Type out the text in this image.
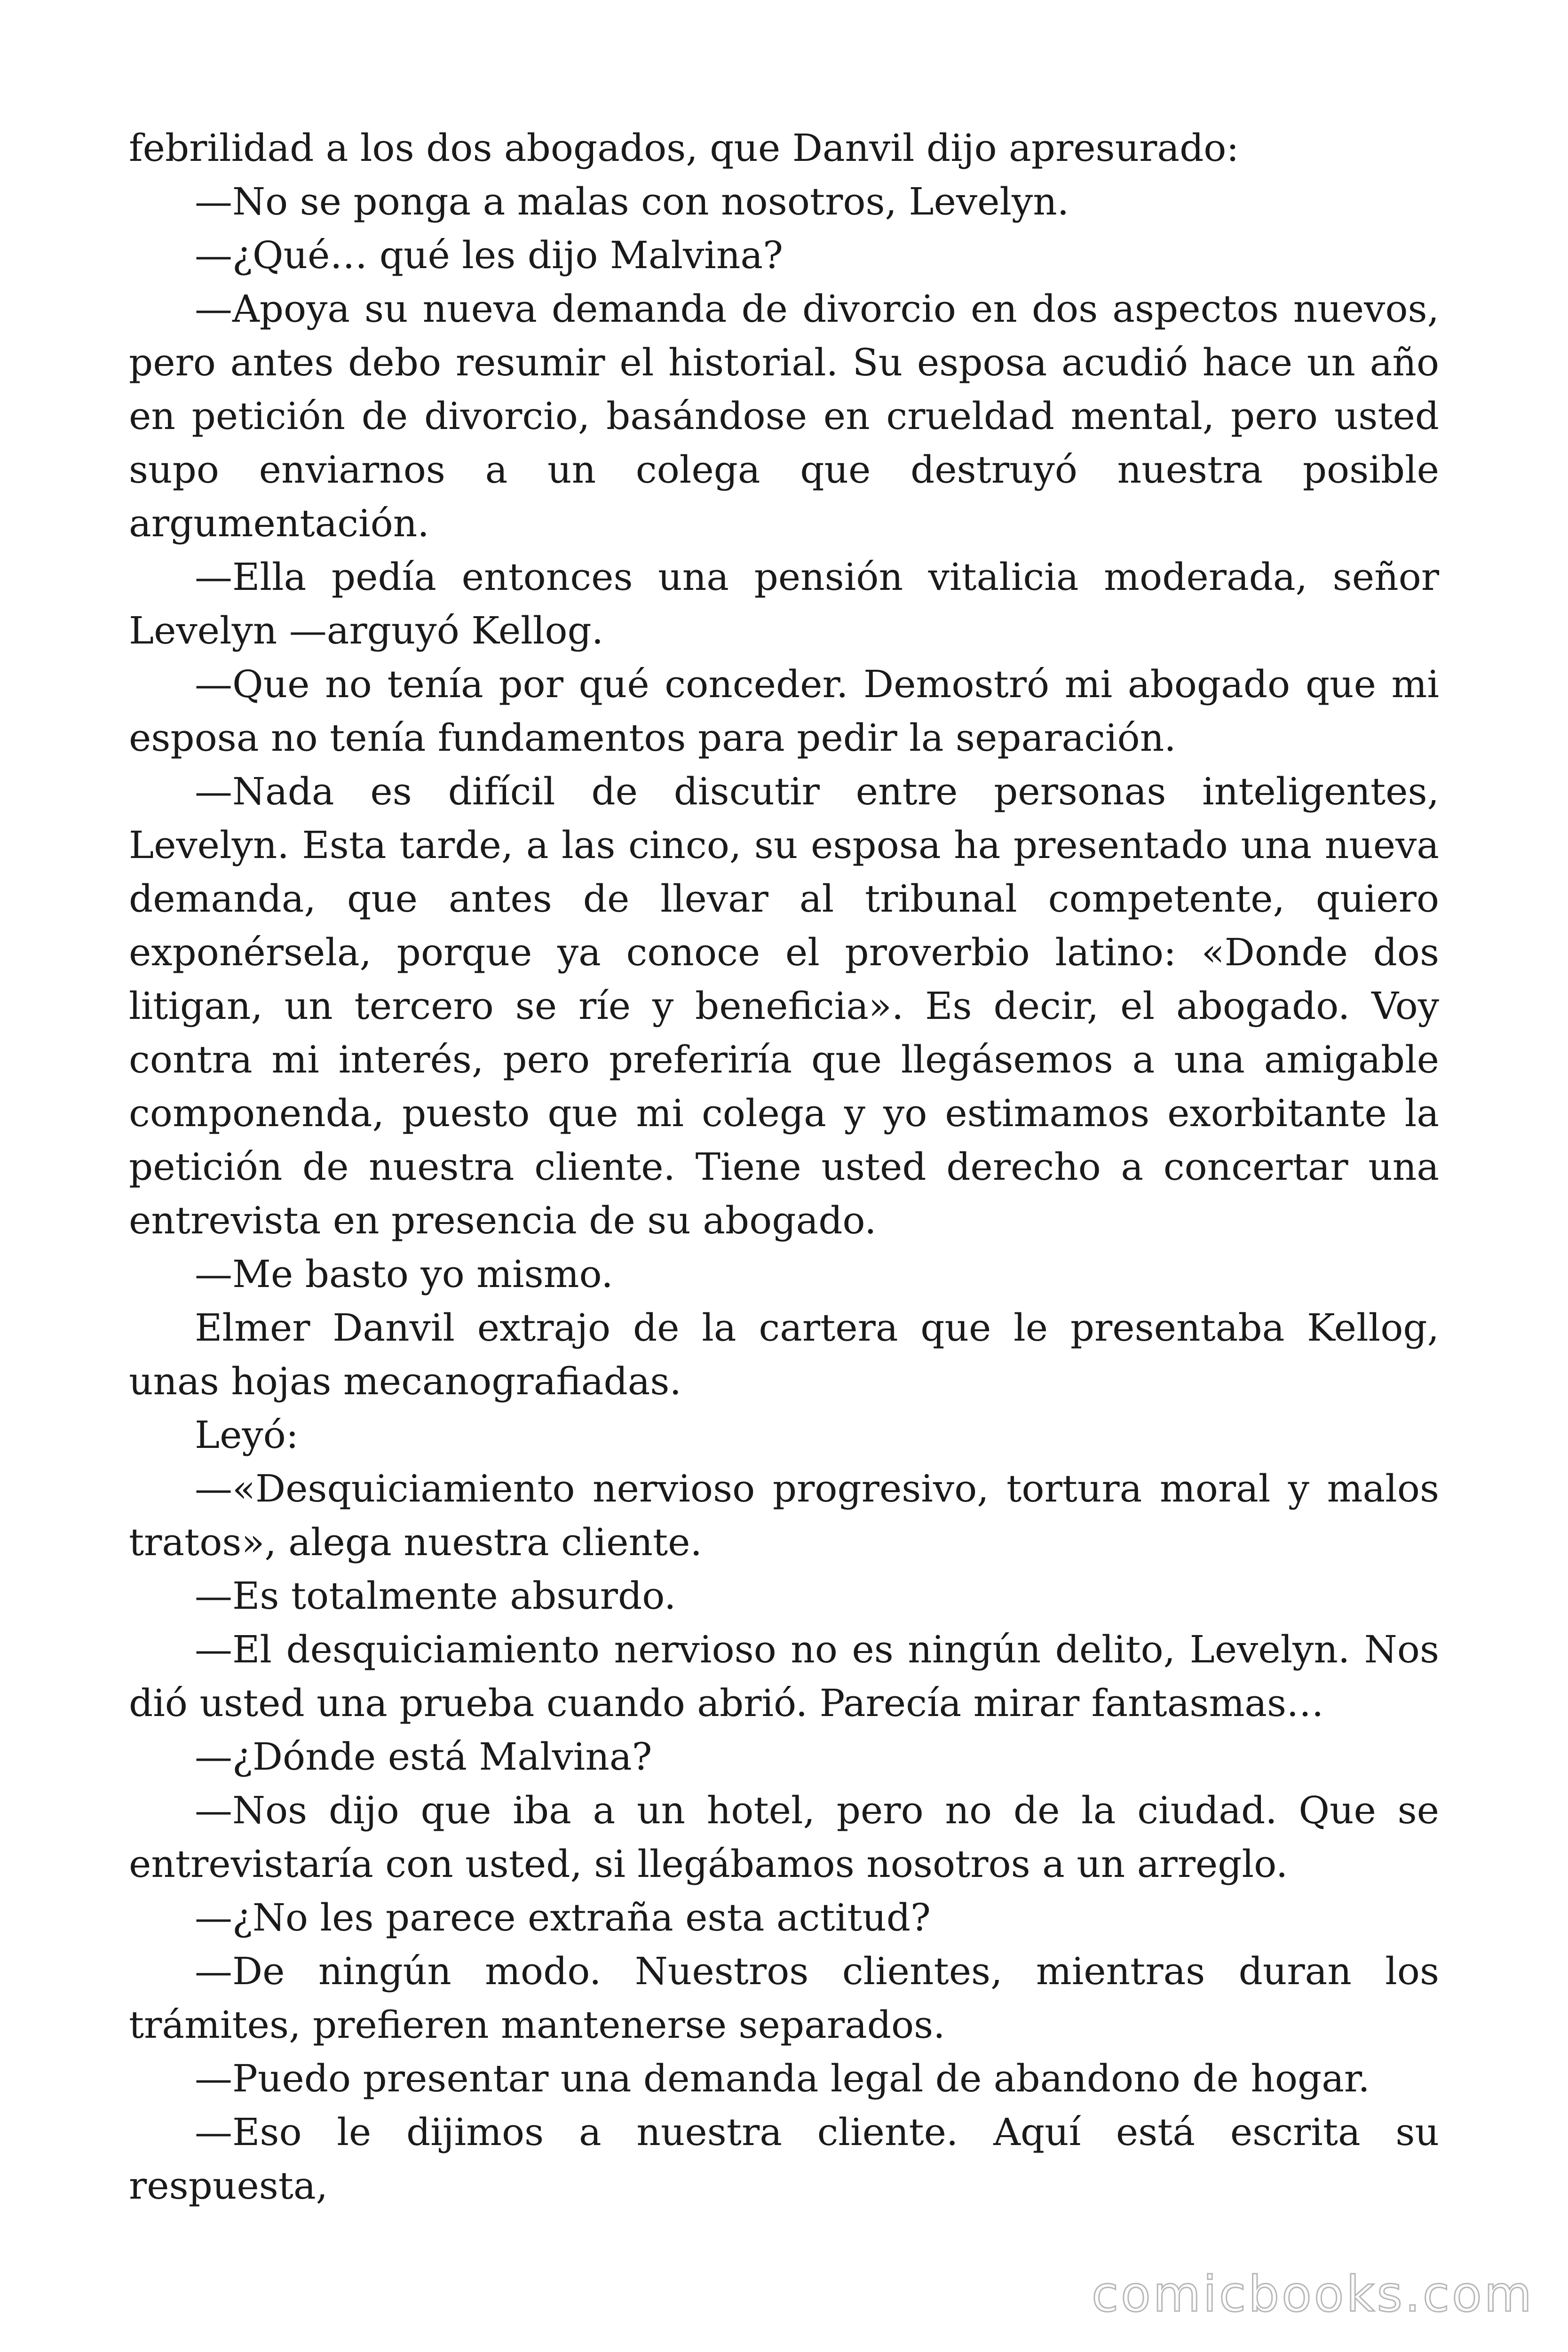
febrilidad a los dos abogados, que Danvil dijo apresurado:

—No se ponga a malas con nosotros, Levelyn.

—¿Qué… qué les dijo Malvina?

—Apoya su nueva demanda de divorcio en dos aspectos nuevos, pero antes debo resumir el historial. Su esposa acudió hace un año en petición de divorcio, basándose en crueldad mental, pero usted supo enviarnos a un colega que destruyó nuestra posible argumentación.

—Ella pedía entonces una pensión vitalicia moderada, señor Levelyn —arguyó Kellog.

—Que no tenía por qué conceder. Demostró mi abogado que mi esposa no tenía fundamentos para pedir la separación.

—Nada es difícil de discutir entre personas inteligentes, Levelyn. Esta tarde, a las cinco, su esposa ha presentado una nueva demanda, que antes de llevar al tribunal competente, quiero exponérsela, porque ya conoce el proverbio latino: «Donde dos litigan, un tercero se ríe y beneficia». Es decir, el abogado. Voy contra mi interés, pero preferiría que llegásemos a una amigable componenda, puesto que mi colega y yo estimamos exorbitante la petición de nuestra cliente. Tiene usted derecho a concertar una entrevista en presencia de su abogado.

—Me basto yo mismo.

Elmer Danvil extrajo de la cartera que le presentaba Kellog, unas hojas mecanografiadas.

Leyó:

—«Desquiciamiento nervioso progresivo, tortura moral y malos tratos», alega nuestra cliente.

—Es totalmente absurdo.

—El desquiciamiento nervioso no es ningún delito, Levelyn. Nos dió usted una prueba cuando abrió. Parecía mirar fantasmas…

—¿Dónde está Malvina?

—Nos dijo que iba a un hotel, pero no de la ciudad. Que se entrevistaría con usted, si llegábamos nosotros a un arreglo.

—¿No les parece extraña esta actitud?

—De ningún modo. Nuestros clientes, mientras duran los trámites, prefieren mantenerse separados.

—Puedo presentar una demanda legal de abandono de hogar.

—Eso le dijimos a nuestra cliente. Aquí está escrita su respuesta,

comicbooks.com
